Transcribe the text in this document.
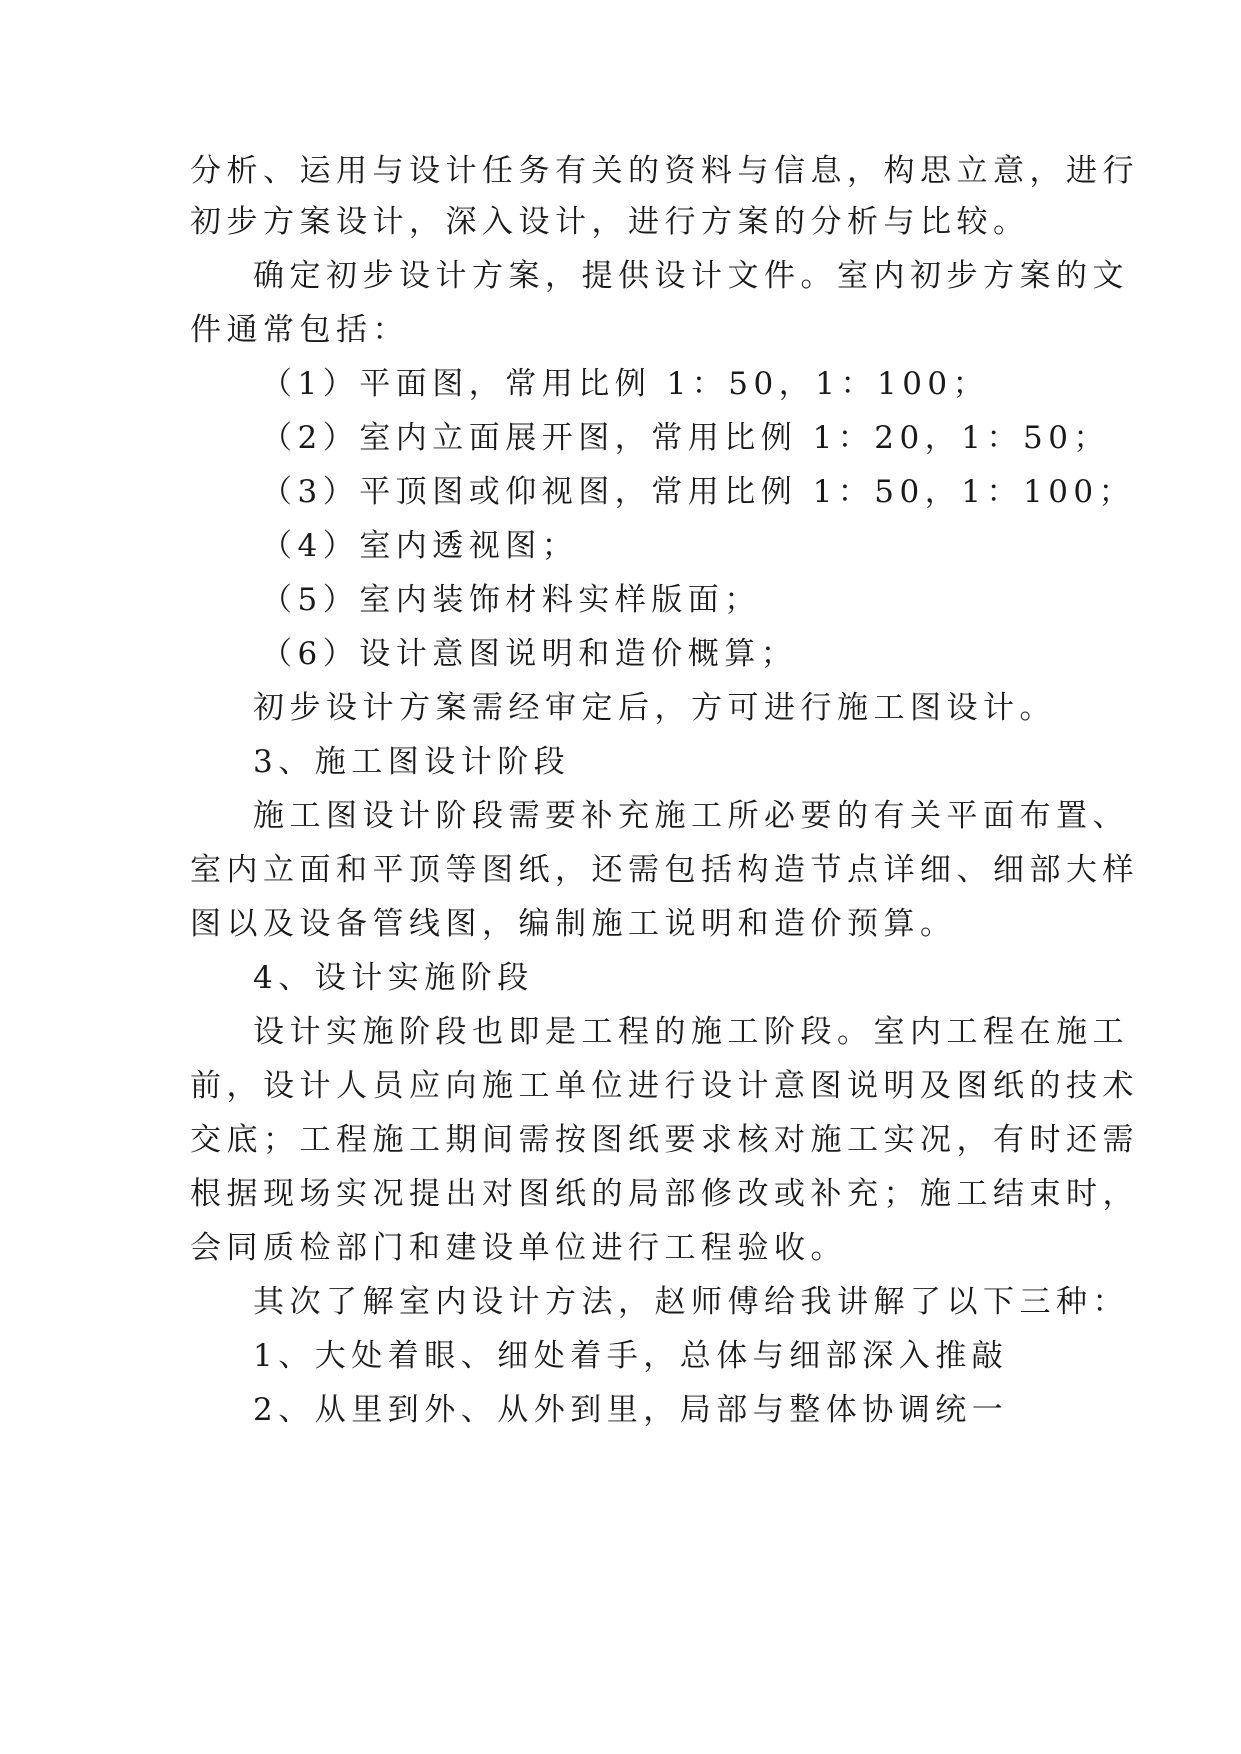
分析、运用与设计任务有关的资料与信息，构思立意，进行
初步方案设计，深入设计，进行方案的分析与比较。
确定初步设计方案，提供设计文件。室内初步方案的文
件通常包括：
（1）平面图，常用比例 1：50，1：100；
（2）室内立面展开图，常用比例 1：20，1：50；
（3）平顶图或仰视图，常用比例 1：50，1：100；
（4）室内透视图；
（5）室内装饰材料实样版面；
（6）设计意图说明和造价概算；
初步设计方案需经审定后，方可进行施工图设计。
3、施工图设计阶段
施工图设计阶段需要补充施工所必要的有关平面布置、
室内立面和平顶等图纸，还需包括构造节点详细、细部大样
图以及设备管线图，编制施工说明和造价预算。
4、设计实施阶段
设计实施阶段也即是工程的施工阶段。室内工程在施工
前，设计人员应向施工单位进行设计意图说明及图纸的技术
交底；工程施工期间需按图纸要求核对施工实况，有时还需
根据现场实况提出对图纸的局部修改或补充；施工结束时，
会同质检部门和建设单位进行工程验收。
其次了解室内设计方法，赵师傅给我讲解了以下三种：
1、大处着眼、细处着手，总体与细部深入推敲
2、从里到外、从外到里，局部与整体协调统一
